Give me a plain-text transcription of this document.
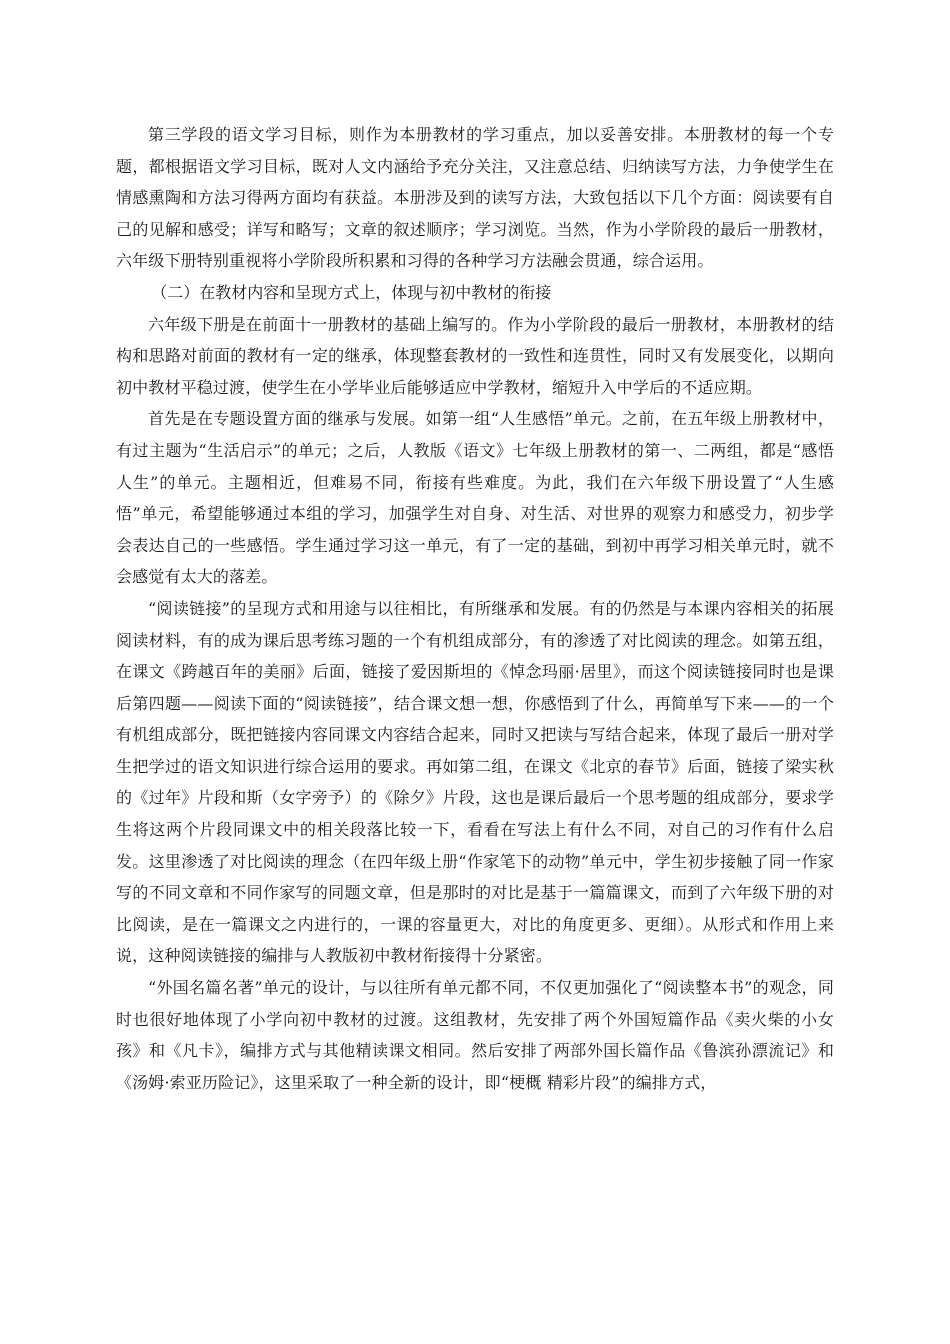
第三学段的语文学习目标，则作为本册教材的学习重点，加以妥善安排。本册教材的每一个专题，都根据语文学习目标，既对人文内涵给予充分关注，又注意总结、归纳读写方法，力争使学生在情感熏陶和方法习得两方面均有获益。本册涉及到的读写方法，大致包括以下几个方面：阅读要有自己的见解和感受；详写和略写；文章的叙述顺序；学习浏览。当然，作为小学阶段的最后一册教材，六年级下册特别重视将小学阶段所积累和习得的各种学习方法融会贯通，综合运用。

（二）在教材内容和呈现方式上，体现与初中教材的衔接

六年级下册是在前面十一册教材的基础上编写的。作为小学阶段的最后一册教材，本册教材的结构和思路对前面的教材有一定的继承，体现整套教材的一致性和连贯性，同时又有发展变化，以期向初中教材平稳过渡，使学生在小学毕业后能够适应中学教材，缩短升入中学后的不适应期。

首先是在专题设置方面的继承与发展。如第一组“人生感悟”单元。之前，在五年级上册教材中，有过主题为“生活启示”的单元；之后，人教版《语文》七年级上册教材的第一、二两组，都是“感悟人生”的单元。主题相近，但难易不同，衔接有些难度。为此，我们在六年级下册设置了“人生感悟”单元，希望能够通过本组的学习，加强学生对自身、对生活、对世界的观察力和感受力，初步学会表达自己的一些感悟。学生通过学习这一单元，有了一定的基础，到初中再学习相关单元时，就不会感觉有太大的落差。

“阅读链接”的呈现方式和用途与以往相比，有所继承和发展。有的仍然是与本课内容相关的拓展阅读材料，有的成为课后思考练习题的一个有机组成部分，有的渗透了对比阅读的理念。如第五组，在课文《跨越百年的美丽》后面，链接了爱因斯坦的《悼念玛丽·居里》，而这个阅读链接同时也是课后第四题——阅读下面的“阅读链接”，结合课文想一想，你感悟到了什么，再简单写下来——的一个有机组成部分，既把链接内容同课文内容结合起来，同时又把读与写结合起来，体现了最后一册对学生把学过的语文知识进行综合运用的要求。再如第二组，在课文《北京的春节》后面，链接了梁实秋的《过年》片段和斯（女字旁予）的《除夕》片段，这也是课后最后一个思考题的组成部分，要求学生将这两个片段同课文中的相关段落比较一下，看看在写法上有什么不同，对自己的习作有什么启发。这里渗透了对比阅读的理念（在四年级上册“作家笔下的动物”单元中，学生初步接触了同一作家写的不同文章和不同作家写的同题文章，但是那时的对比是基于一篇篇课文，而到了六年级下册的对比阅读，是在一篇课文之内进行的，一课的容量更大，对比的角度更多、更细）。从形式和作用上来说，这种阅读链接的编排与人教版初中教材衔接得十分紧密。

“外国名篇名著”单元的设计，与以往所有单元都不同，不仅更加强化了“阅读整本书”的观念，同时也很好地体现了小学向初中教材的过渡。这组教材，先安排了两个外国短篇作品《卖火柴的小女孩》和《凡卡》，编排方式与其他精读课文相同。然后安排了两部外国长篇作品《鲁滨孙漂流记》和《汤姆·索亚历险记》，这里采取了一种全新的设计，即“梗概 精彩片段”的编排方式，
